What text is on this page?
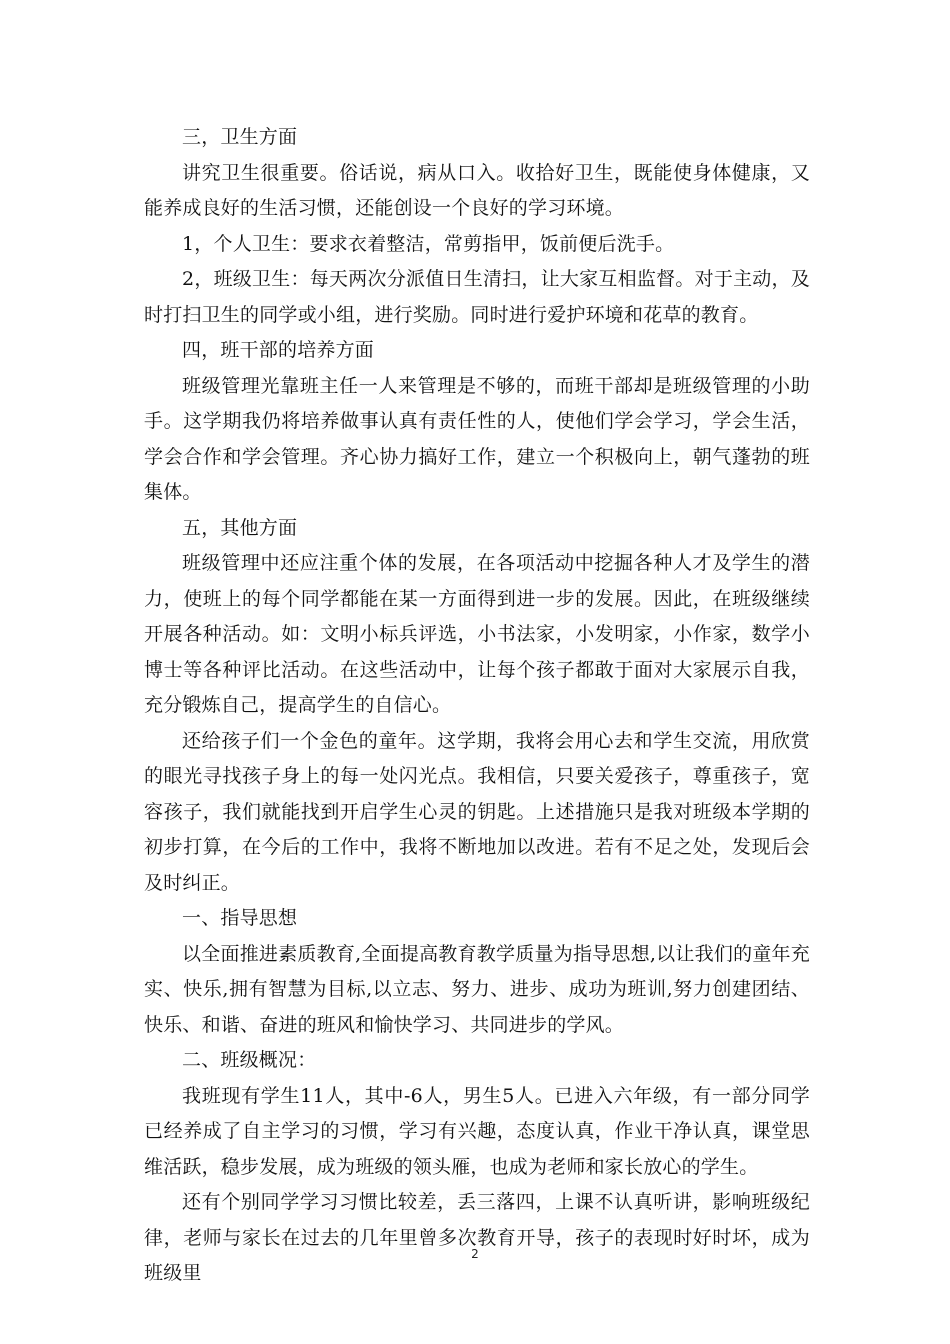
三，卫生方面

讲究卫生很重要。俗话说，病从口入。收拾好卫生，既能使身体健康，又能养成良好的生活习惯，还能创设一个良好的学习环境。

1，个人卫生：要求衣着整洁，常剪指甲，饭前便后洗手。

2，班级卫生：每天两次分派值日生清扫，让大家互相监督。对于主动，及时打扫卫生的同学或小组，进行奖励。同时进行爱护环境和花草的教育。

四，班干部的培养方面

班级管理光靠班主任一人来管理是不够的，而班干部却是班级管理的小助手。这学期我仍将培养做事认真有责任性的人，使他们学会学习，学会生活，学会合作和学会管理。齐心协力搞好工作，建立一个积极向上，朝气蓬勃的班集体。

五，其他方面

班级管理中还应注重个体的发展，在各项活动中挖掘各种人才及学生的潜力，使班上的每个同学都能在某一方面得到进一步的发展。因此，在班级继续开展各种活动。如：文明小标兵评选，小书法家，小发明家，小作家，数学小博士等各种评比活动。在这些活动中，让每个孩子都敢于面对大家展示自我，充分锻炼自己，提高学生的自信心。

还给孩子们一个金色的童年。这学期，我将会用心去和学生交流，用欣赏的眼光寻找孩子身上的每一处闪光点。我相信，只要关爱孩子，尊重孩子，宽容孩子，我们就能找到开启学生心灵的钥匙。上述措施只是我对班级本学期的初步打算，在今后的工作中，我将不断地加以改进。若有不足之处，发现后会及时纠正。

一、指导思想

以全面推进素质教育,全面提高教育教学质量为指导思想,以让我们的童年充实、快乐,拥有智慧为目标,以立志、努力、进步、成功为班训,努力创建团结、快乐、和谐、奋进的班风和愉快学习、共同进步的学风。

二、班级概况：

我班现有学生11人，其中-6人，男生5人。已进入六年级，有一部分同学已经养成了自主学习的习惯，学习有兴趣，态度认真，作业干净认真，课堂思维活跃，稳步发展，成为班级的领头雁，也成为老师和家长放心的学生。

还有个别同学学习习惯比较差，丢三落四，上课不认真听讲，影响班级纪律，老师与家长在过去的几年里曾多次教育开导，孩子的表现时好时坏，成为班级里

2
